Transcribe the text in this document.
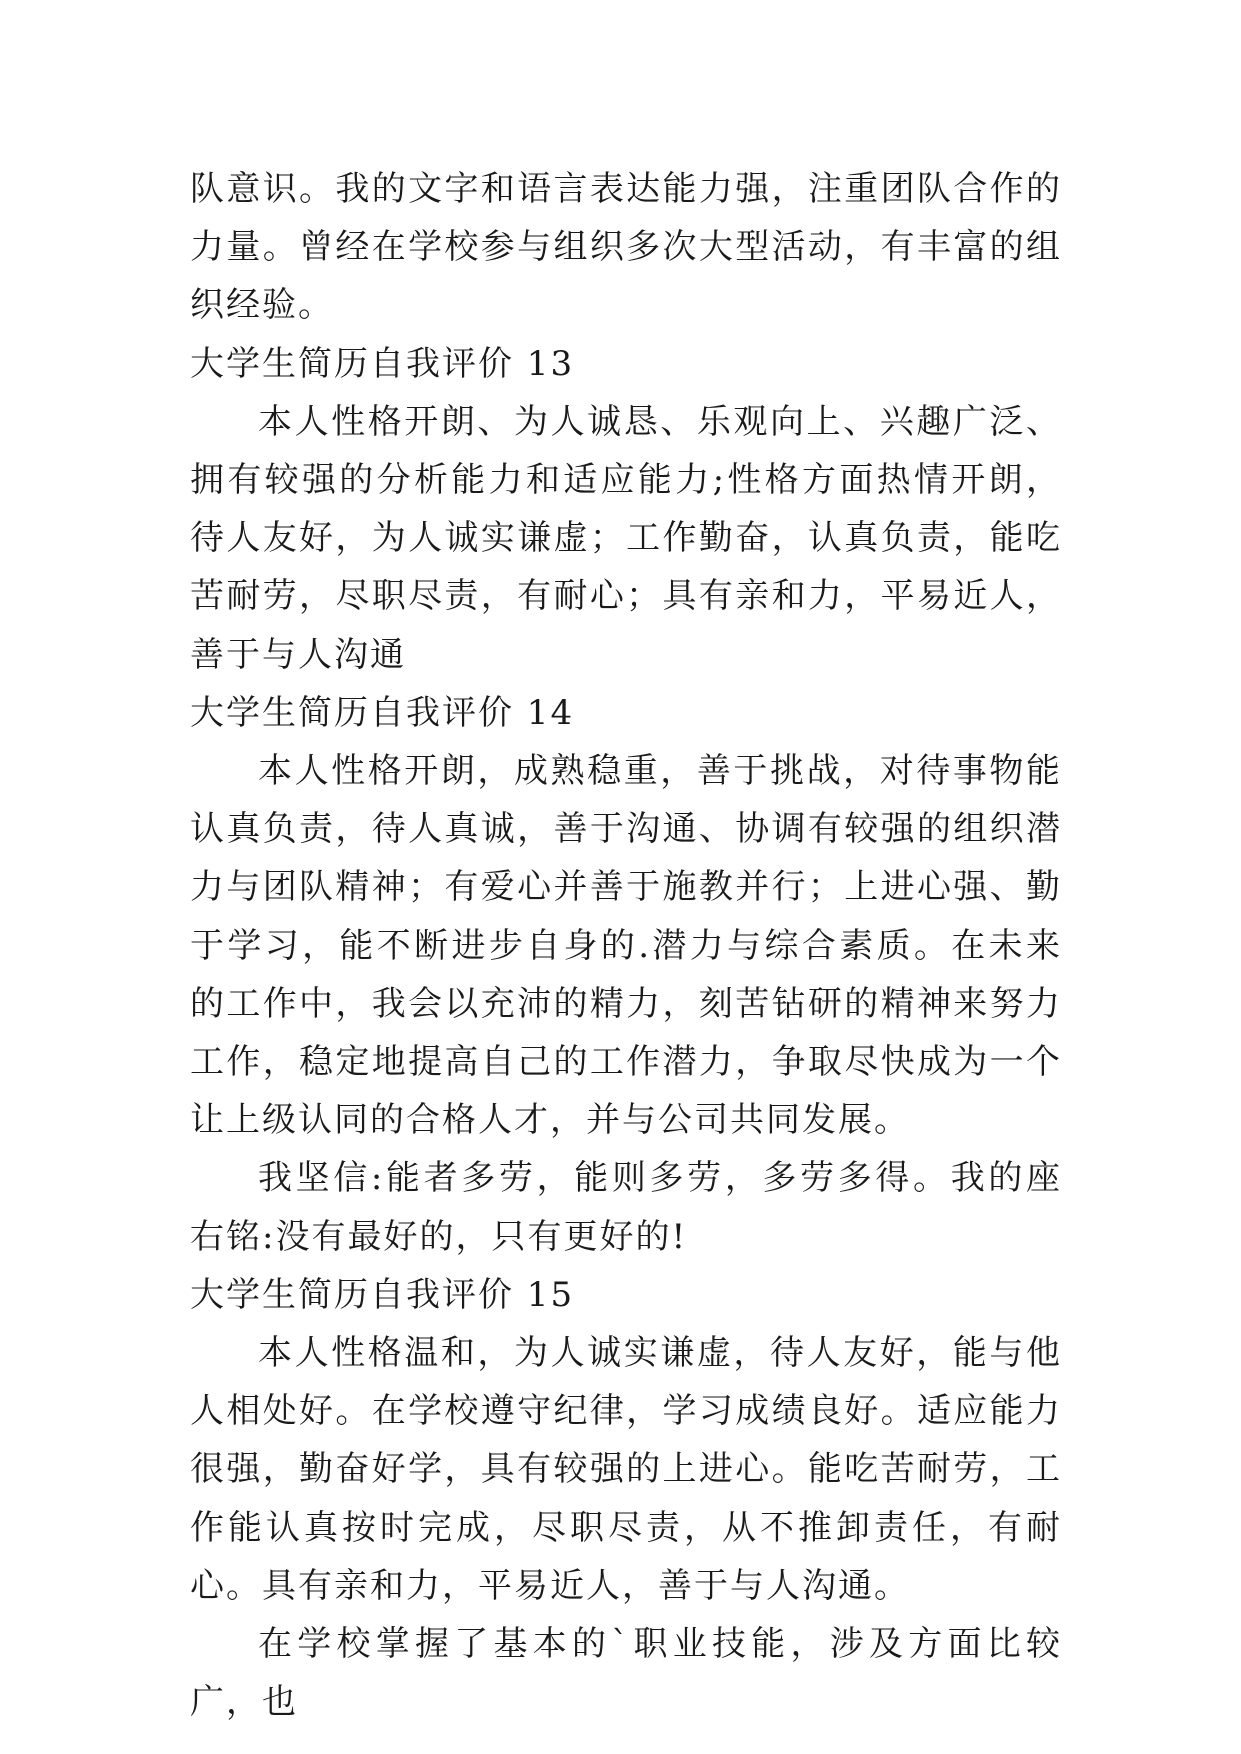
队意识。我的文字和语言表达能力强，注重团队合作的力量。曾经在学校参与组织多次大型活动，有丰富的组织经验。

大学生简历自我评价 13

本人性格开朗、为人诚恳、乐观向上、兴趣广泛、拥有较强的分析能力和适应能力;性格方面热情开朗，待人友好，为人诚实谦虚；工作勤奋，认真负责，能吃苦耐劳，尽职尽责，有耐心；具有亲和力，平易近人，善于与人沟通

大学生简历自我评价 14

本人性格开朗，成熟稳重，善于挑战，对待事物能认真负责，待人真诚，善于沟通、协调有较强的组织潜力与团队精神；有爱心并善于施教并行；上进心强、勤于学习，能不断进步自身的.潜力与综合素质。在未来的工作中，我会以充沛的精力，刻苦钻研的精神来努力工作，稳定地提高自己的工作潜力，争取尽快成为一个让上级认同的合格人才，并与公司共同发展。

我坚信:能者多劳，能则多劳，多劳多得。我的座右铭:没有最好的，只有更好的!

大学生简历自我评价 15

本人性格温和，为人诚实谦虚，待人友好，能与他人相处好。在学校遵守纪律，学习成绩良好。适应能力很强，勤奋好学，具有较强的上进心。能吃苦耐劳，工作能认真按时完成，尽职尽责，从不推卸责任，有耐心。具有亲和力，平易近人，善于与人沟通。

在学校掌握了基本的`职业技能，涉及方面比较广，也
